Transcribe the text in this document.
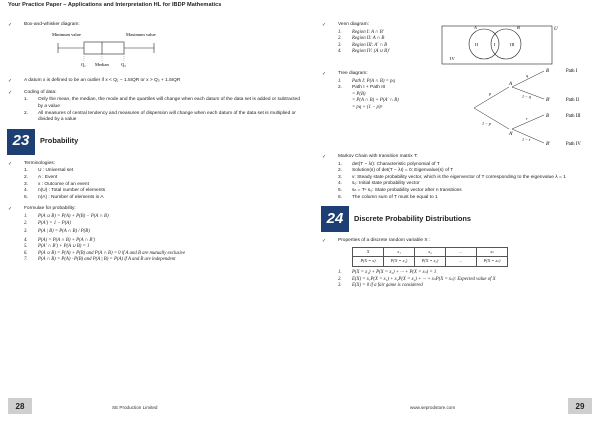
Your Practice Paper – Applications and Interpretation HL for IBDP Mathematics
✓ Box-and-whisker diagram:
Minimum value	Maximum value
Q₁ Median	Q₃
✓ A datum x is defined to be an outlier if x < Q₁ − 1.5IQR or x > Q₃ + 1.5IQR
✓ Coding of data:
1. Only the mean, the median, the mode and the quartiles will change when each datum of the data set is added or subtracted by a value
2. All measures of central tendency and measures of dispersion will change when each datum of the data set is multiplied or divided by a value
23	Probability
✓ Terminologies:
1. U : Universal set
2. A : Event
3. x : Outcome of an event
4. n(U) : Total number of elements
5. n(A) : Number of elements in A
✓ Formulae for probability:
1. P(A ∪ B) = P(A) + P(B) − P(A ∩ B)
2. P(A′) = 1 − P(A)
3. P(A | B) = P(A ∩ B) / P(B)
4. P(A) = P(A ∩ B) + P(A ∩ B′)
5. P(A′ ∩ B′) + P(A ∪ B) = 1
6. P(A ∪ B) = P(A) + P(B) and P(A ∩ B) = 0 if A and B are mutually exclusive
7. P(A ∩ B) = P(A) · P(B) and P(A | B) = P(A) if A and B are independent
✓ Venn diagram:
1. Region I: A ∩ B′
2. Region II: A ∩ B
3. Region III: A′ ∩ B
4. Region IV: (A ∪ B)′
U
A	B
II	I	III
IV
✓ Tree diagram:
1. Path I: P(A ∩ B) = pq
2. Path I + Path III
= P(B)
= P(A ∩ B) + P(A′ ∩ B)
= pq + (1 − p)r
p
1 − p
q
1 − q
r
1 − r
A
A′
B
B′
B
B′
Path I
Path II
Path III
Path IV
✓ Markov Chain with transition matrix T:
1. det(T − λI): Characteristic polynomial of T
2. Solution(s) of det(T − λI) = 0: Eigenvalue(s) of T
3. v: Steady state probability vector, which is the eigenvector of T corresponding to the eigenvalue λ = 1
4. s₀: Initial state probability vector
5. sₙ = Tⁿ s₀: State probability vector after n transitions
6. The column sum of T must be equal to 1
24	Discrete Probability Distributions
✓ Properties of a discrete random variable X :
X	x₁	x₂	...	xₙ
P(X = x)	P(X = x₁)	P(X = x₂)	...	P(X = xₙ)
1. P(X = x₁) + P(X = x₂) + ··· + P(X = xₙ) = 1
2. E(X) = x₁P(X = x₁) + x₂P(X = x₂) + ··· + xₙP(X = xₙ): Expected value of X
3. E(X) = 0 if a fair game is considered
28	29
SE Production Limited	www.seprodstore.com
